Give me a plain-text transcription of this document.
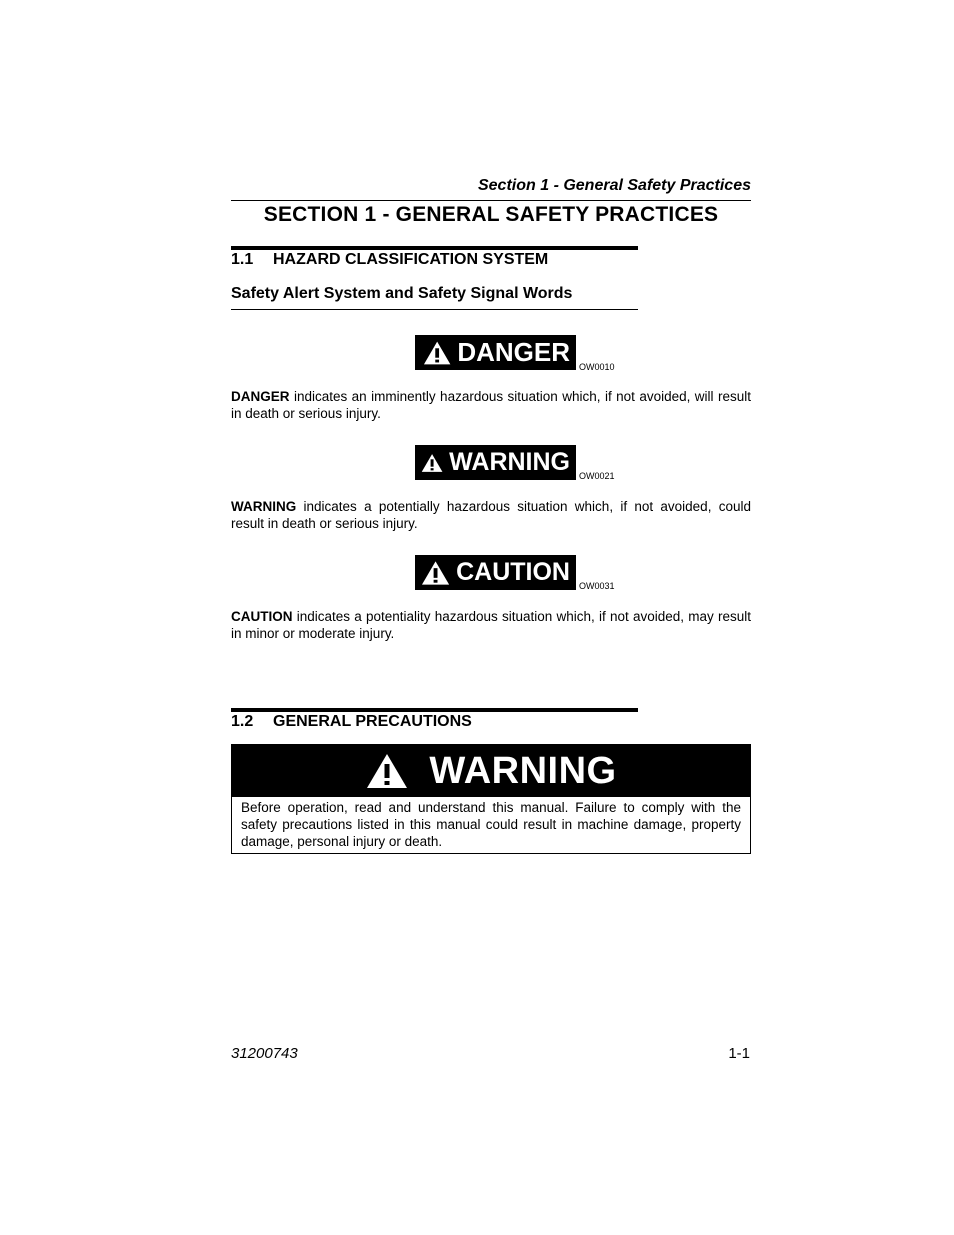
Section 1 - General Safety Practices
SECTION 1 - GENERAL SAFETY PRACTICES
1.1 HAZARD CLASSIFICATION SYSTEM
Safety Alert System and Safety Signal Words
DANGER OW0010
DANGER indicates an imminently hazardous situation which, if not avoided, will result in death or serious injury.
WARNING OW0021
WARNING indicates a potentially hazardous situation which, if not avoided, could result in death or serious injury.
CAUTION OW0031
CAUTION indicates a potentiality hazardous situation which, if not avoided, may result in minor or moderate injury.
1.2 GENERAL PRECAUTIONS
WARNING
Before operation, read and understand this manual. Failure to comply with the safety precautions listed in this manual could result in machine damage, property damage, personal injury or death.
31200743	1-1
